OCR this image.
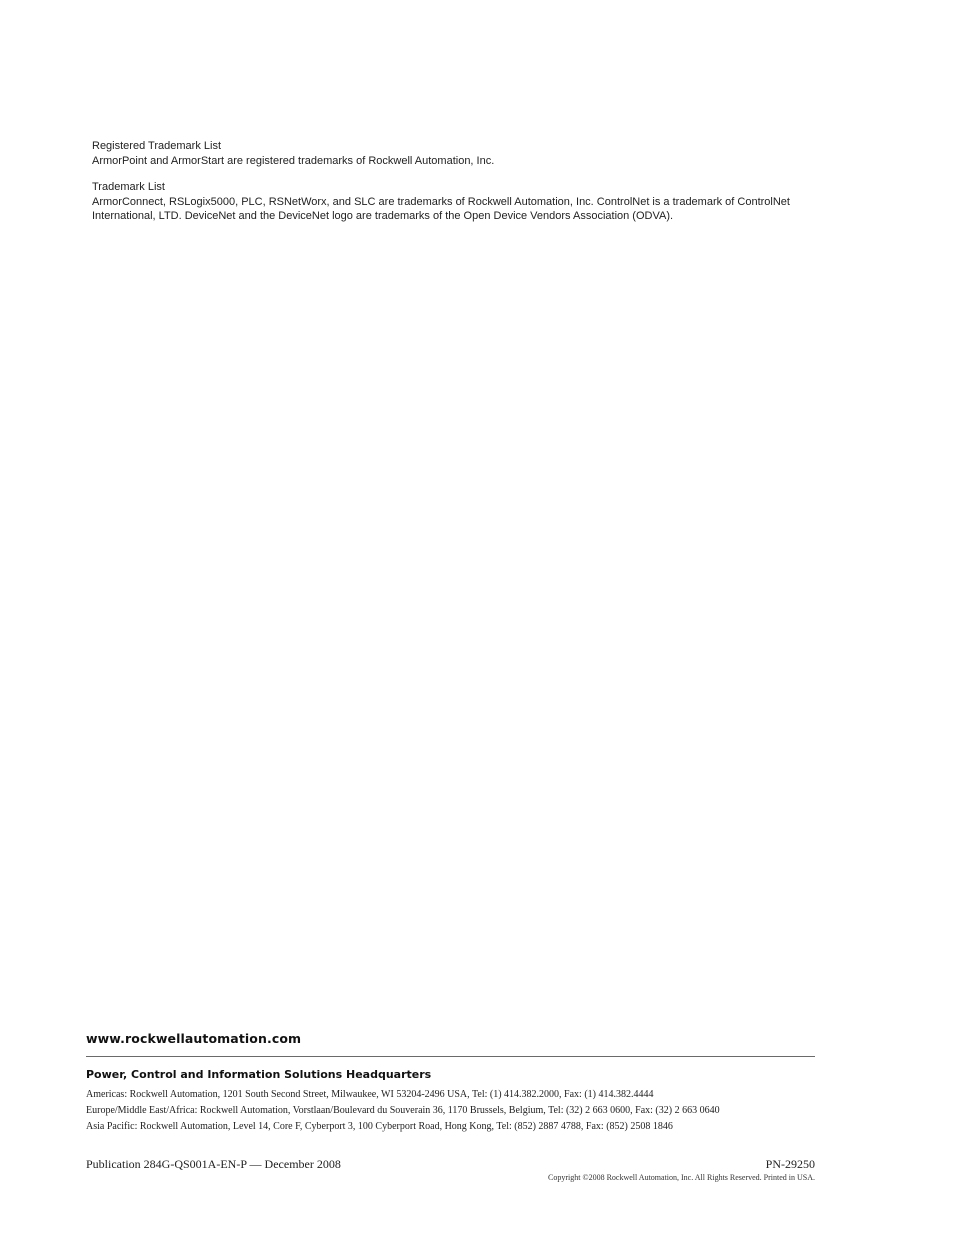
Registered Trademark List

ArmorPoint and ArmorStart are registered trademarks of Rockwell Automation, Inc.

Trademark List

ArmorConnect, RSLogix5000, PLC, RSNetWorx, and SLC are trademarks of Rockwell Automation, Inc. ControlNet is a trademark of ControlNet International, LTD. DeviceNet and the DeviceNet logo are trademarks of the Open Device Vendors Association (ODVA).

www.rockwellautomation.com
Power, Control and Information Solutions Headquarters

Americas: Rockwell Automation, 1201 South Second Street, Milwaukee, WI 53204-2496 USA, Tel: (1) 414.382.2000, Fax: (1) 414.382.4444

Europe/Middle East/Africa: Rockwell Automation, Vorstlaan/Boulevard du Souverain 36, 1170 Brussels, Belgium, Tel: (32) 2 663 0600, Fax: (32) 2 663 0640

Asia Pacific: Rockwell Automation, Level 14, Core F, Cyberport 3, 100 Cyberport Road, Hong Kong, Tel: (852) 2887 4788, Fax: (852) 2508 1846

Publication 284G-QS001A-EN-P — December 2008	PN-29250
Copyright ©2008 Rockwell Automation, Inc. All Rights Reserved. Printed in USA.
